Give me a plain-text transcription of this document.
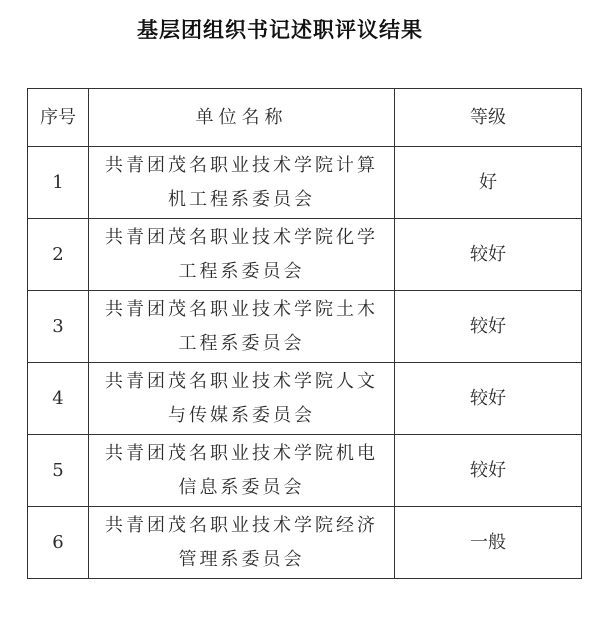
基层团组织书记述职评议结果
序号	单位名称	等级
1	共青团茂名职业技术学院计算机工程系委员会	好
2	共青团茂名职业技术学院化学工程系委员会	较好
3	共青团茂名职业技术学院土木工程系委员会	较好
4	共青团茂名职业技术学院人文与传媒系委员会	较好
5	共青团茂名职业技术学院机电信息系委员会	较好
6	共青团茂名职业技术学院经济管理系委员会	一般
